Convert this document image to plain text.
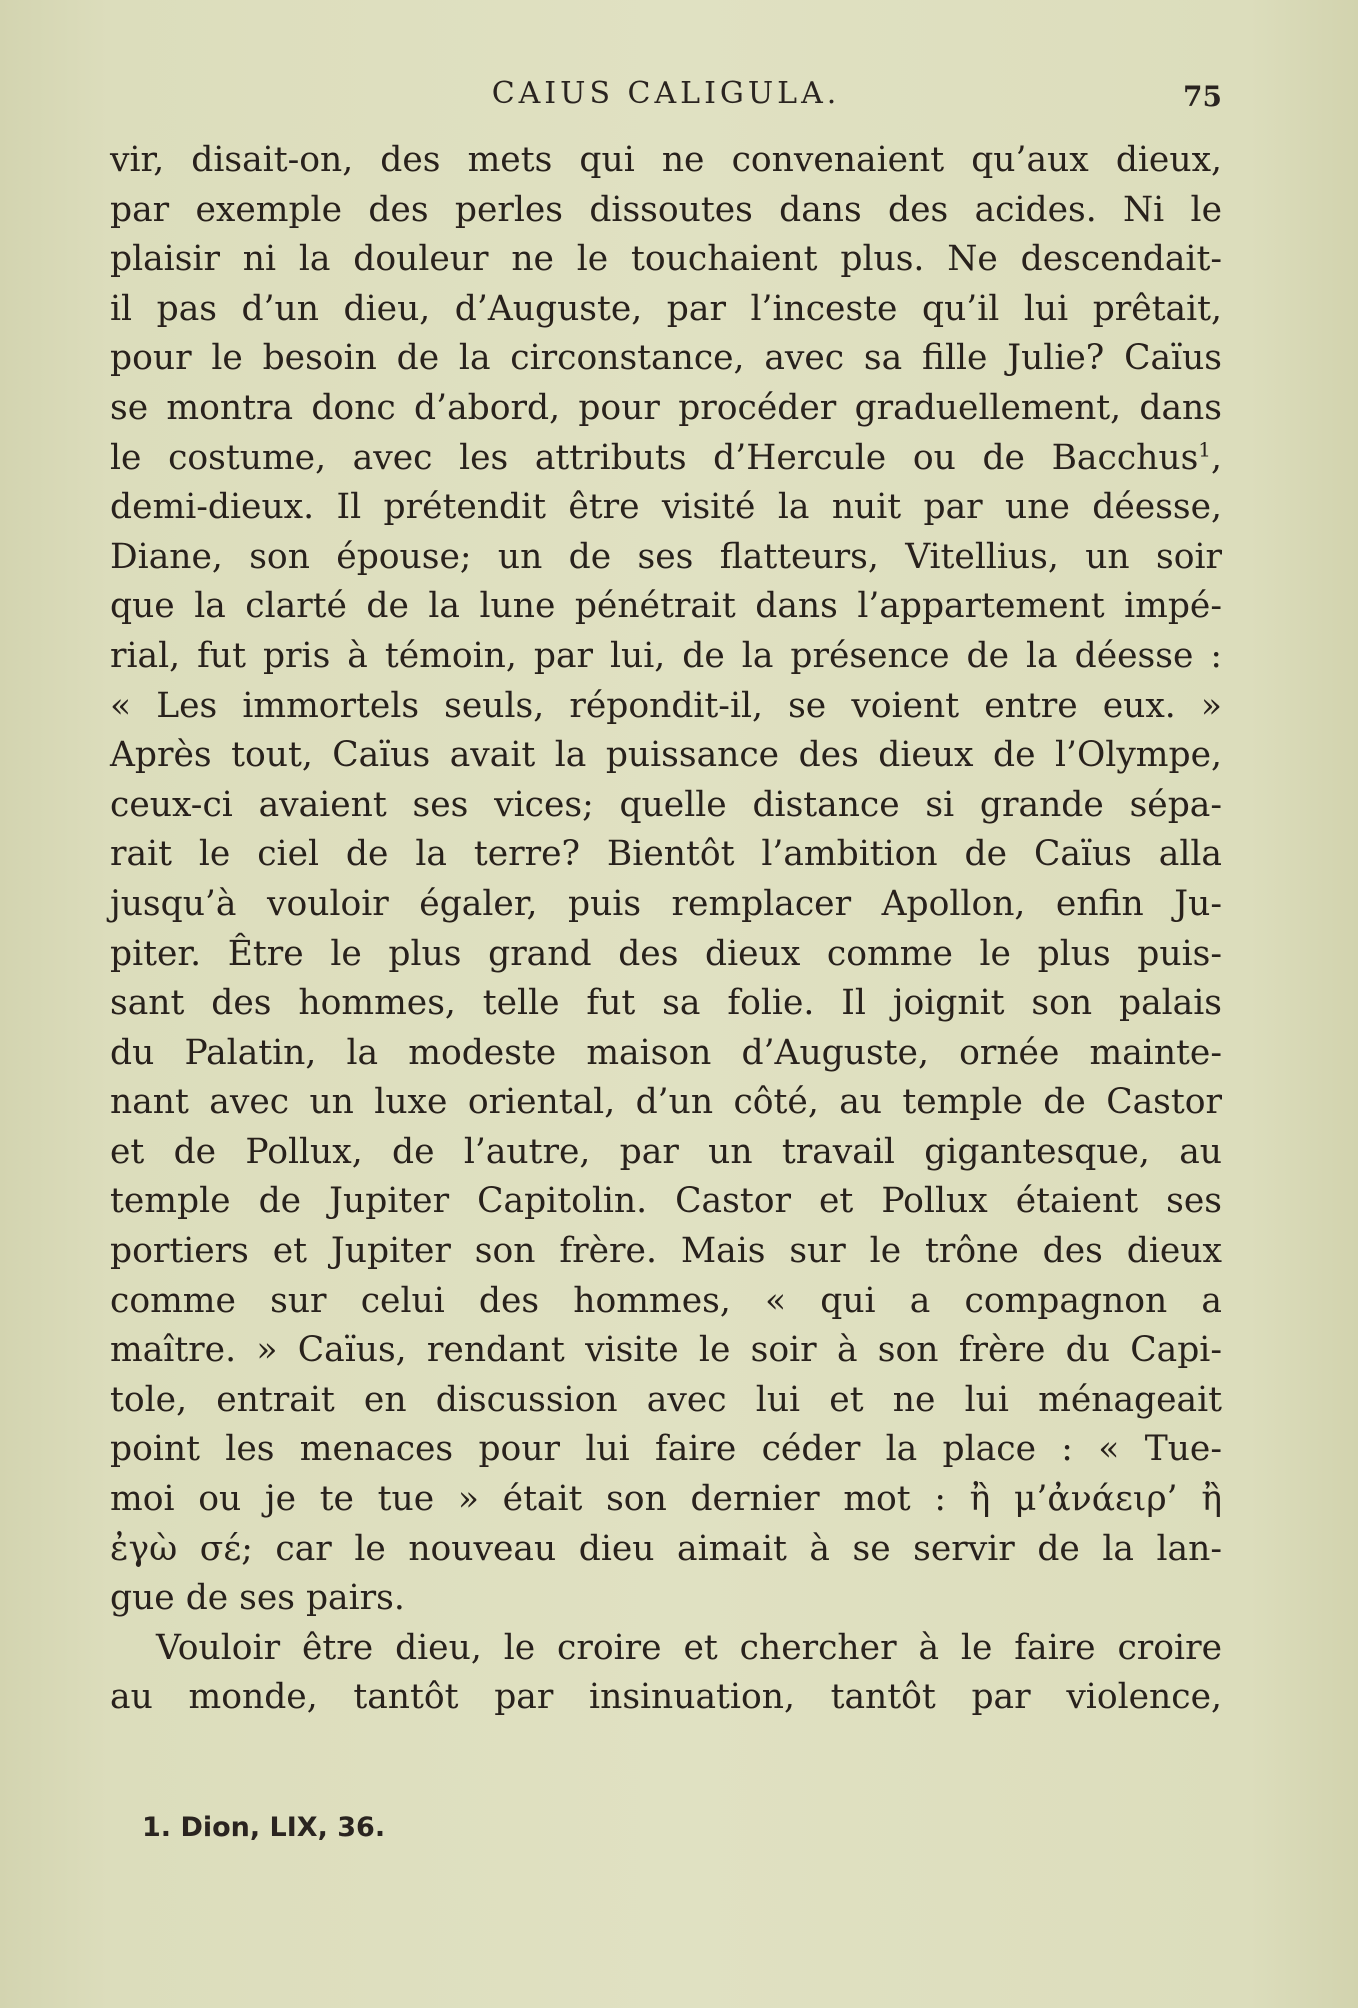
CAIUS CALIGULA.	75
vir, disait-on, des mets qui ne convenaient qu’aux dieux,
par exemple des perles dissoutes dans des acides. Ni le
plaisir ni la douleur ne le touchaient plus. Ne descendait-
il pas d’un dieu, d’Auguste, par l’inceste qu’il lui prêtait,
pour le besoin de la circonstance, avec sa fille Julie? Caïus
se montra donc d’abord, pour procéder graduellement, dans
le costume, avec les attributs d’Hercule ou de Bacchus$^1$,
demi-dieux. Il prétendit être visité la nuit par une déesse,
Diane, son épouse; un de ses flatteurs, Vitellius, un soir
que la clarté de la lune pénétrait dans l’appartement impé-
rial, fut pris à témoin, par lui, de la présence de la déesse :
« Les immortels seuls, répondit-il, se voient entre eux. »
Après tout, Caïus avait la puissance des dieux de l’Olympe,
ceux-ci avaient ses vices; quelle distance si grande sépa-
rait le ciel de la terre? Bientôt l’ambition de Caïus alla
jusqu’à vouloir égaler, puis remplacer Apollon, enfin Ju-
piter. Être le plus grand des dieux comme le plus puis-
sant des hommes, telle fut sa folie. Il joignit son palais
du Palatin, la modeste maison d’Auguste, ornée mainte-
nant avec un luxe oriental, d’un côté, au temple de Castor
et de Pollux, de l’autre, par un travail gigantesque, au
temple de Jupiter Capitolin. Castor et Pollux étaient ses
portiers et Jupiter son frère. Mais sur le trône des dieux
comme sur celui des hommes, « qui a compagnon a
maître. » Caïus, rendant visite le soir à son frère du Capi-
tole, entrait en discussion avec lui et ne lui ménageait
point les menaces pour lui faire céder la place : « Tue-
moi ou je te tue » était son dernier mot : ἢ μ’ἀνάειρ’ ἢ
ἐγὼ σέ; car le nouveau dieu aimait à se servir de la lan-
gue de ses pairs.
Vouloir être dieu, le croire et chercher à le faire croire
au monde, tantôt par insinuation, tantôt par violence,
1. Dion, LIX, 36.
